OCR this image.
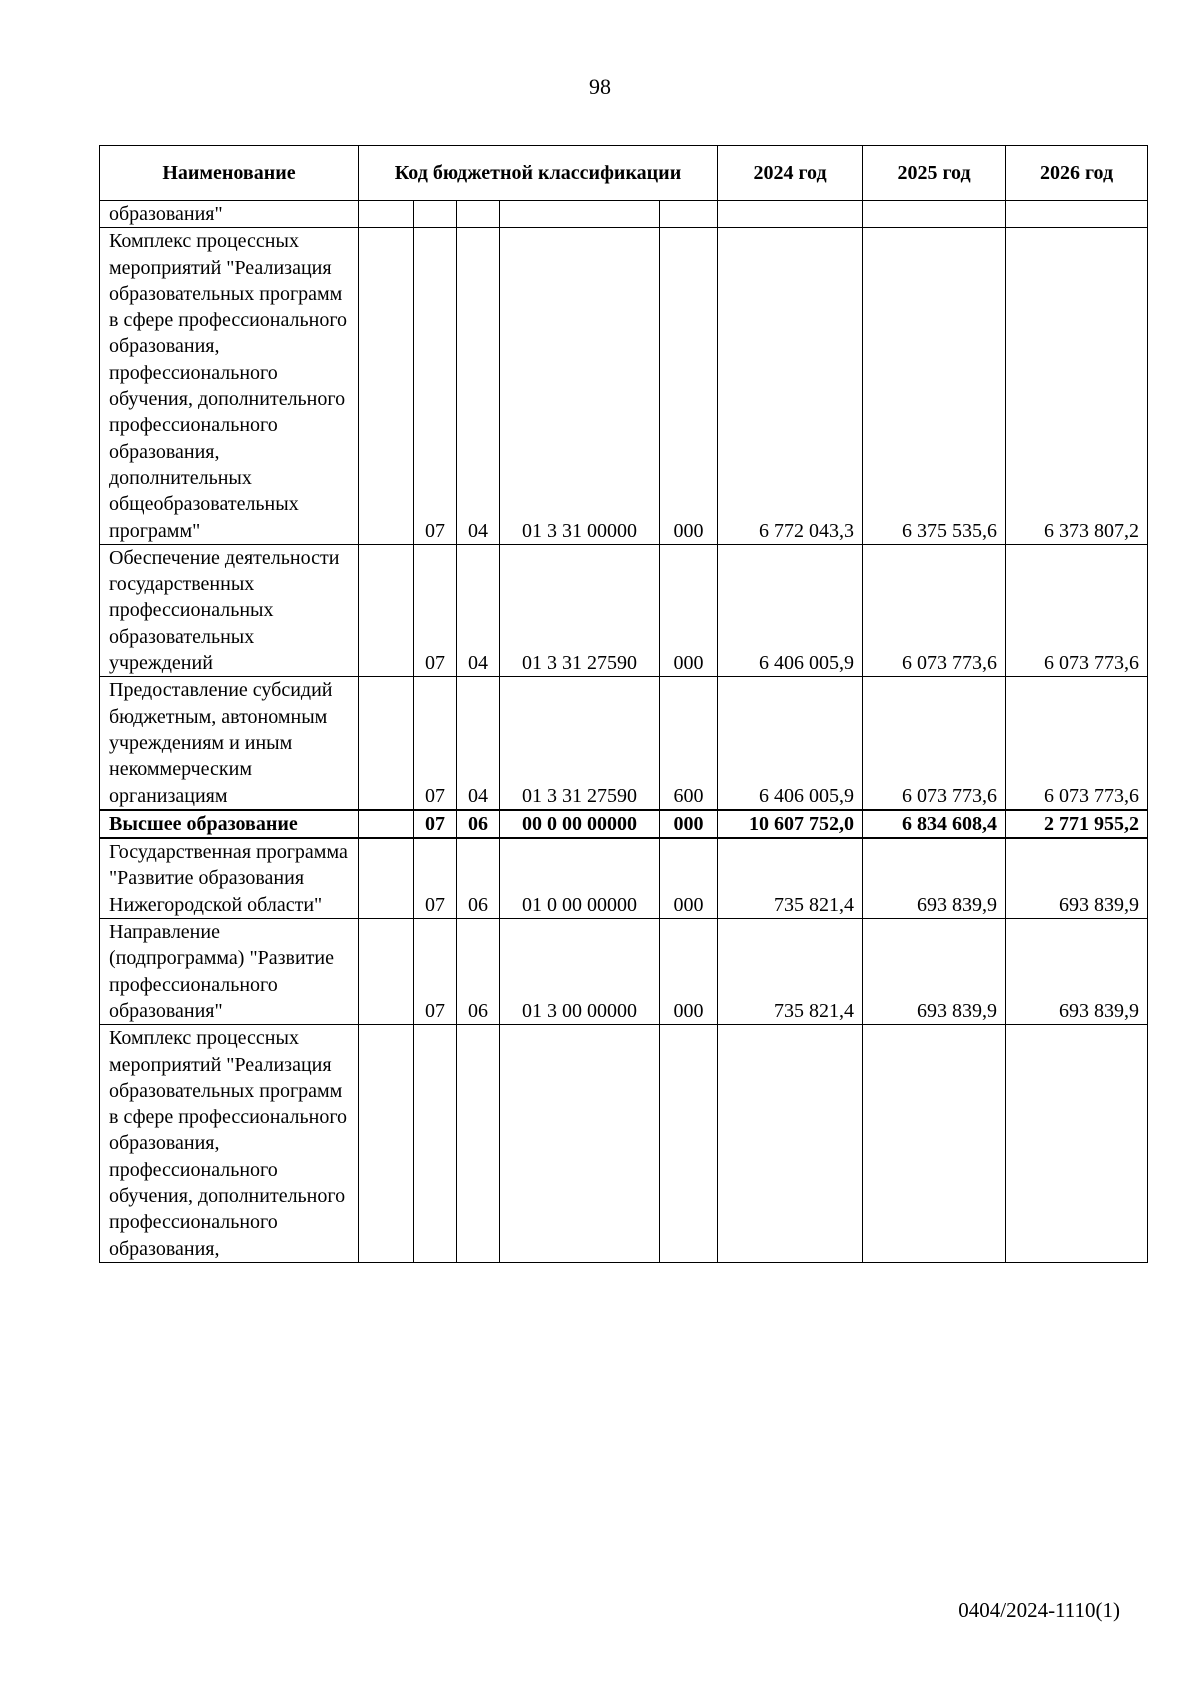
98
Наименование	Код бюджетной классификации					2024 год	2025 год	2026 год
образования"								
Комплекс процессных мероприятий "Реализация образовательных программ в сфере профессионального образования, профессионального обучения, дополнительного профессионального образования, дополнительных общеобразовательных программ"		07	04	01 3 31 00000	000	6 772 043,3	6 375 535,6	6 373 807,2
Обеспечение деятельности государственных профессиональных образовательных учреждений		07	04	01 3 31 27590	000	6 406 005,9	6 073 773,6	6 073 773,6
Предоставление субсидий бюджетным, автономным учреждениям и иным некоммерческим организациям		07	04	01 3 31 27590	600	6 406 005,9	6 073 773,6	6 073 773,6
Высшее образование		07	06	00 0 00 00000	000	10 607 752,0	6 834 608,4	2 771 955,2
Государственная программа "Развитие образования Нижегородской области"		07	06	01 0 00 00000	000	735 821,4	693 839,9	693 839,9
Направление (подпрограмма) "Развитие профессионального образования"		07	06	01 3 00 00000	000	735 821,4	693 839,9	693 839,9
Комплекс процессных мероприятий "Реализация образовательных программ в сфере профессионального образования, профессионального обучения, дополнительного профессионального образования,								
0404/2024-1110(1)
